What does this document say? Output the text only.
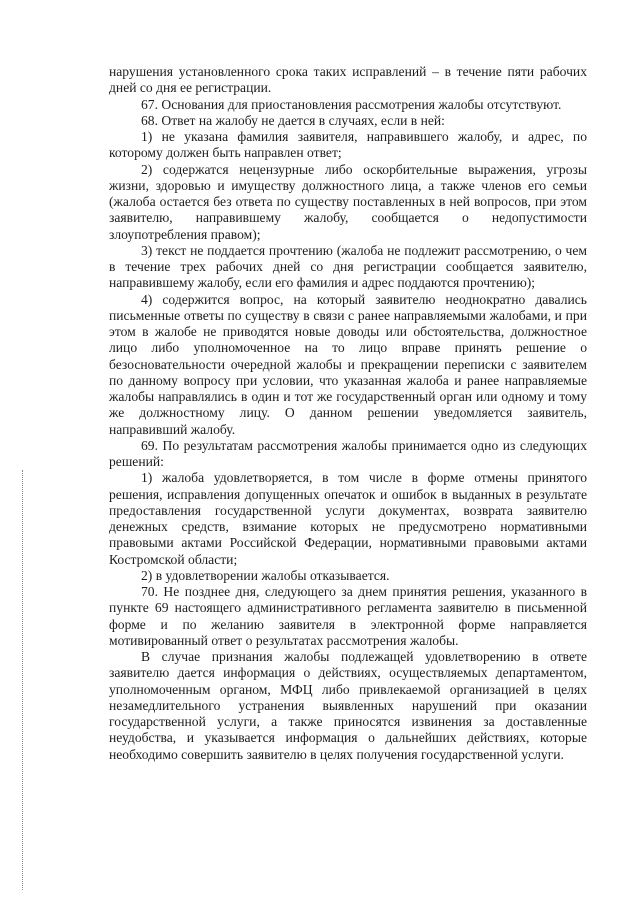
нарушения установленного срока таких исправлений – в течение пяти рабочих дней со дня ее регистрации.

67. Основания для приостановления рассмотрения жалобы отсутствуют.

68. Ответ на жалобу не дается в случаях, если в ней:

1) не указана фамилия заявителя, направившего жалобу, и адрес, по которому должен быть направлен ответ;

2) содержатся нецензурные либо оскорбительные выражения, угрозы жизни, здоровью и имуществу должностного лица, а также членов его семьи (жалоба остается без ответа по существу поставленных в ней вопросов, при этом заявителю, направившему жалобу, сообщается о недопустимости злоупотребления правом);

3) текст не поддается прочтению (жалоба не подлежит рассмотрению, о чем в течение трех рабочих дней со дня регистрации сообщается заявителю, направившему жалобу, если его фамилия и адрес поддаются прочтению);

4) содержится вопрос, на который заявителю неоднократно давались письменные ответы по существу в связи с ранее направляемыми жалобами, и при этом в жалобе не приводятся новые доводы или обстоятельства, должностное лицо либо уполномоченное на то лицо вправе принять решение о безосновательности очередной жалобы и прекращении переписки с заявителем по данному вопросу при условии, что указанная жалоба и ранее направляемые жалобы направлялись в один и тот же государственный орган или одному и тому же должностному лицу. О данном решении уведомляется заявитель, направивший жалобу.

69. По результатам рассмотрения жалобы принимается одно из следующих решений:

1) жалоба удовлетворяется, в том числе в форме отмены принятого решения, исправления допущенных опечаток и ошибок в выданных в результате предоставления государственной услуги документах, возврата заявителю денежных средств, взимание которых не предусмотрено нормативными правовыми актами Российской Федерации, нормативными правовыми актами Костромской области;

2) в удовлетворении жалобы отказывается.

70. Не позднее дня, следующего за днем принятия решения, указанного в пункте 69 настоящего административного регламента заявителю в письменной форме и по желанию заявителя в электронной форме направляется мотивированный ответ о результатах рассмотрения жалобы.

В случае признания жалобы подлежащей удовлетворению в ответе заявителю дается информация о действиях, осуществляемых департаментом, уполномоченным органом, МФЦ либо привлекаемой организацией в целях незамедлительного устранения выявленных нарушений при оказании государственной услуги, а также приносятся извинения за доставленные неудобства, и указывается информация о дальнейших действиях, которые необходимо совершить заявителю в целях получения государственной услуги.
